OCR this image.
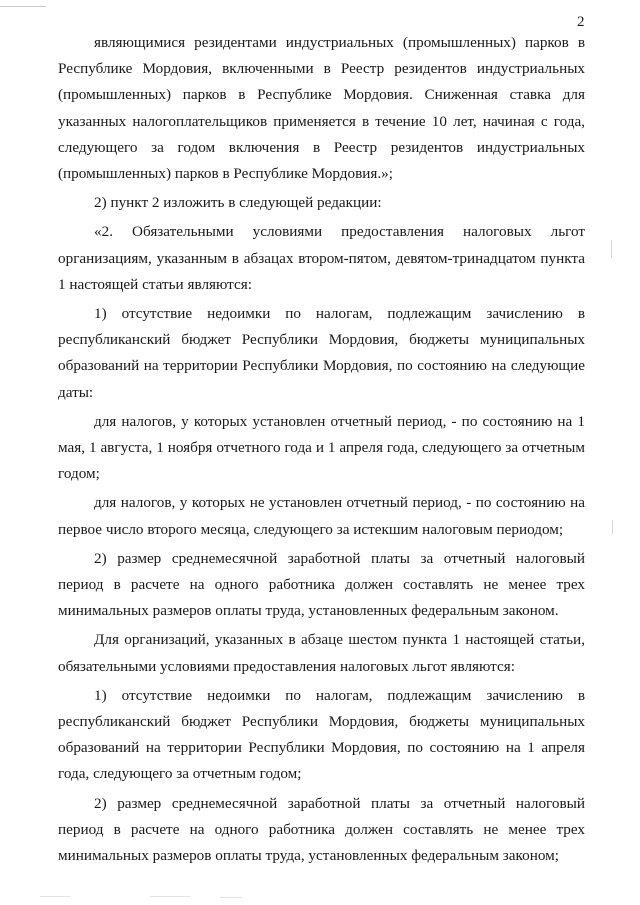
2

являющимися резидентами индустриальных (промышленных) парков в Республике Мордовия, включенными в Реестр резидентов индустриальных (промышленных) парков в Республике Мордовия. Сниженная ставка для указанных налогоплательщиков применяется в течение 10 лет, начиная с года, следующего за годом включения в Реестр резидентов индустриальных (промышленных) парков в Республике Мордовия.»;

2) пункт 2 изложить в следующей редакции:

«2. Обязательными условиями предоставления налоговых льгот организациям, указанным в абзацах втором-пятом, девятом-тринадцатом пункта 1 настоящей статьи являются:

1) отсутствие недоимки по налогам, подлежащим зачислению в республиканский бюджет Республики Мордовия, бюджеты муниципальных образований на территории Республики Мордовия, по состоянию на следующие даты:

для налогов, у которых установлен отчетный период, - по состоянию на 1 мая, 1 августа, 1 ноября отчетного года и 1 апреля года, следующего за отчетным годом;

для налогов, у которых не установлен отчетный период, - по состоянию на первое число второго месяца, следующего за истекшим налоговым периодом;

2) размер среднемесячной заработной платы за отчетный налоговый период в расчете на одного работника должен составлять не менее трех минимальных размеров оплаты труда, установленных федеральным законом.

Для организаций, указанных в абзаце шестом пункта 1 настоящей статьи, обязательными условиями предоставления налоговых льгот являются:

1) отсутствие недоимки по налогам, подлежащим зачислению в республиканский бюджет Республики Мордовия, бюджеты муниципальных образований на территории Республики Мордовия, по состоянию на 1 апреля года, следующего за отчетным годом;

2) размер среднемесячной заработной платы за отчетный налоговый период в расчете на одного работника должен составлять не менее трех минимальных размеров оплаты труда, установленных федеральным законом;
